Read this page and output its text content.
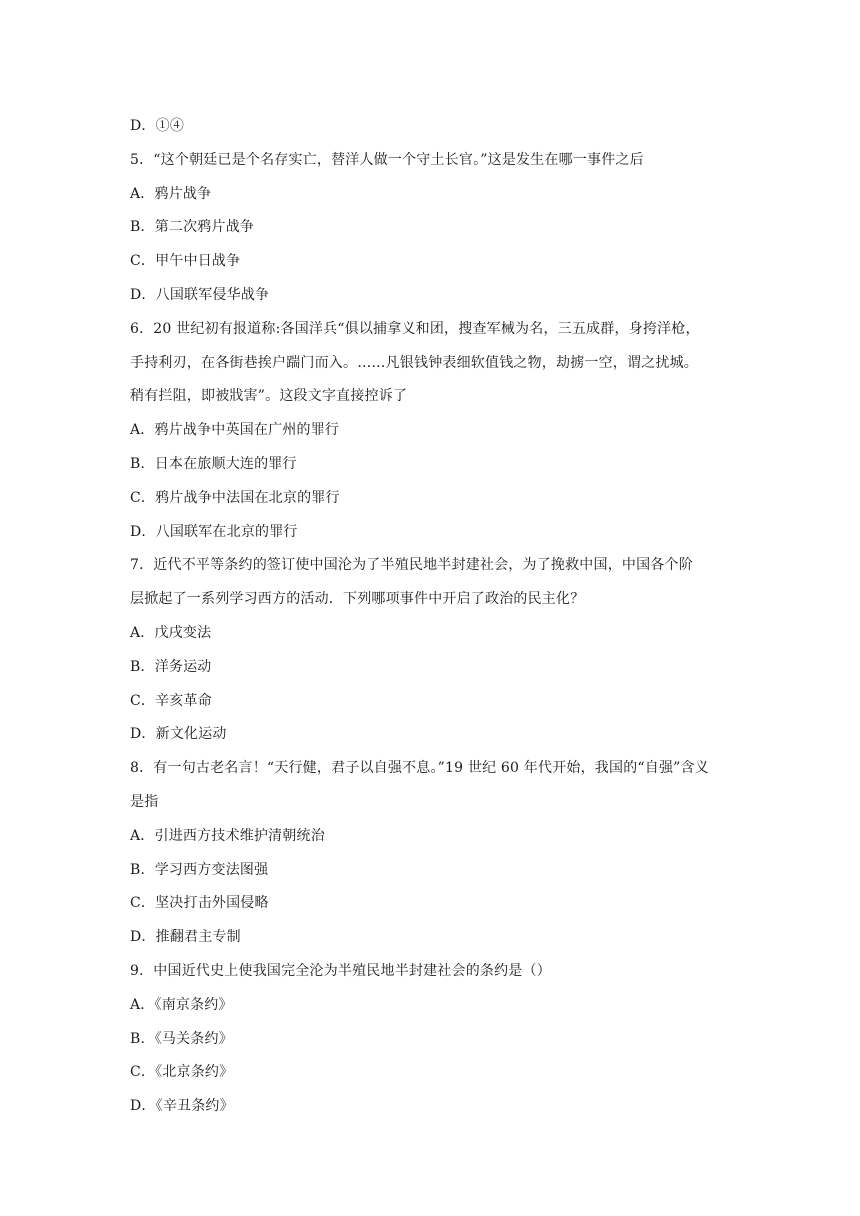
D．①④
5．“这个朝廷已是个名存实亡，替洋人做一个守土长官。”这是发生在哪一事件之后
A．鸦片战争
B．第二次鸦片战争
C．甲午中日战争
D．八国联军侵华战争
6．20 世纪初有报道称:各国洋兵“俱以捕拿义和团，搜查军械为名，三五成群，身挎洋枪，
手持利刃，在各街巷挨户踹门而入。……凡银钱钟表细软值钱之物，劫掳一空，谓之扰城。
稍有拦阻，即被戕害”。这段文字直接控诉了
A．鸦片战争中英国在广州的罪行
B．日本在旅顺大连的罪行
C．鸦片战争中法国在北京的罪行
D．八国联军在北京的罪行
7．近代不平等条约的签订使中国沦为了半殖民地半封建社会，为了挽救中国，中国各个阶
层掀起了一系列学习西方的活动．下列哪项事件中开启了政治的民主化？
A．戊戌变法
B．洋务运动
C．辛亥革命
D．新文化运动
8．有一句古老名言！“天行健，君子以自强不息。”19 世纪 60 年代开始，我国的“自强”含义
是指
A．引进西方技术维护清朝统治
B．学习西方变法图强
C．坚决打击外国侵略
D．推翻君主专制
9．中国近代史上使我国完全沦为半殖民地半封建社会的条约是（）
A．《南京条约》
B．《马关条约》
C．《北京条约》
D．《辛丑条约》
